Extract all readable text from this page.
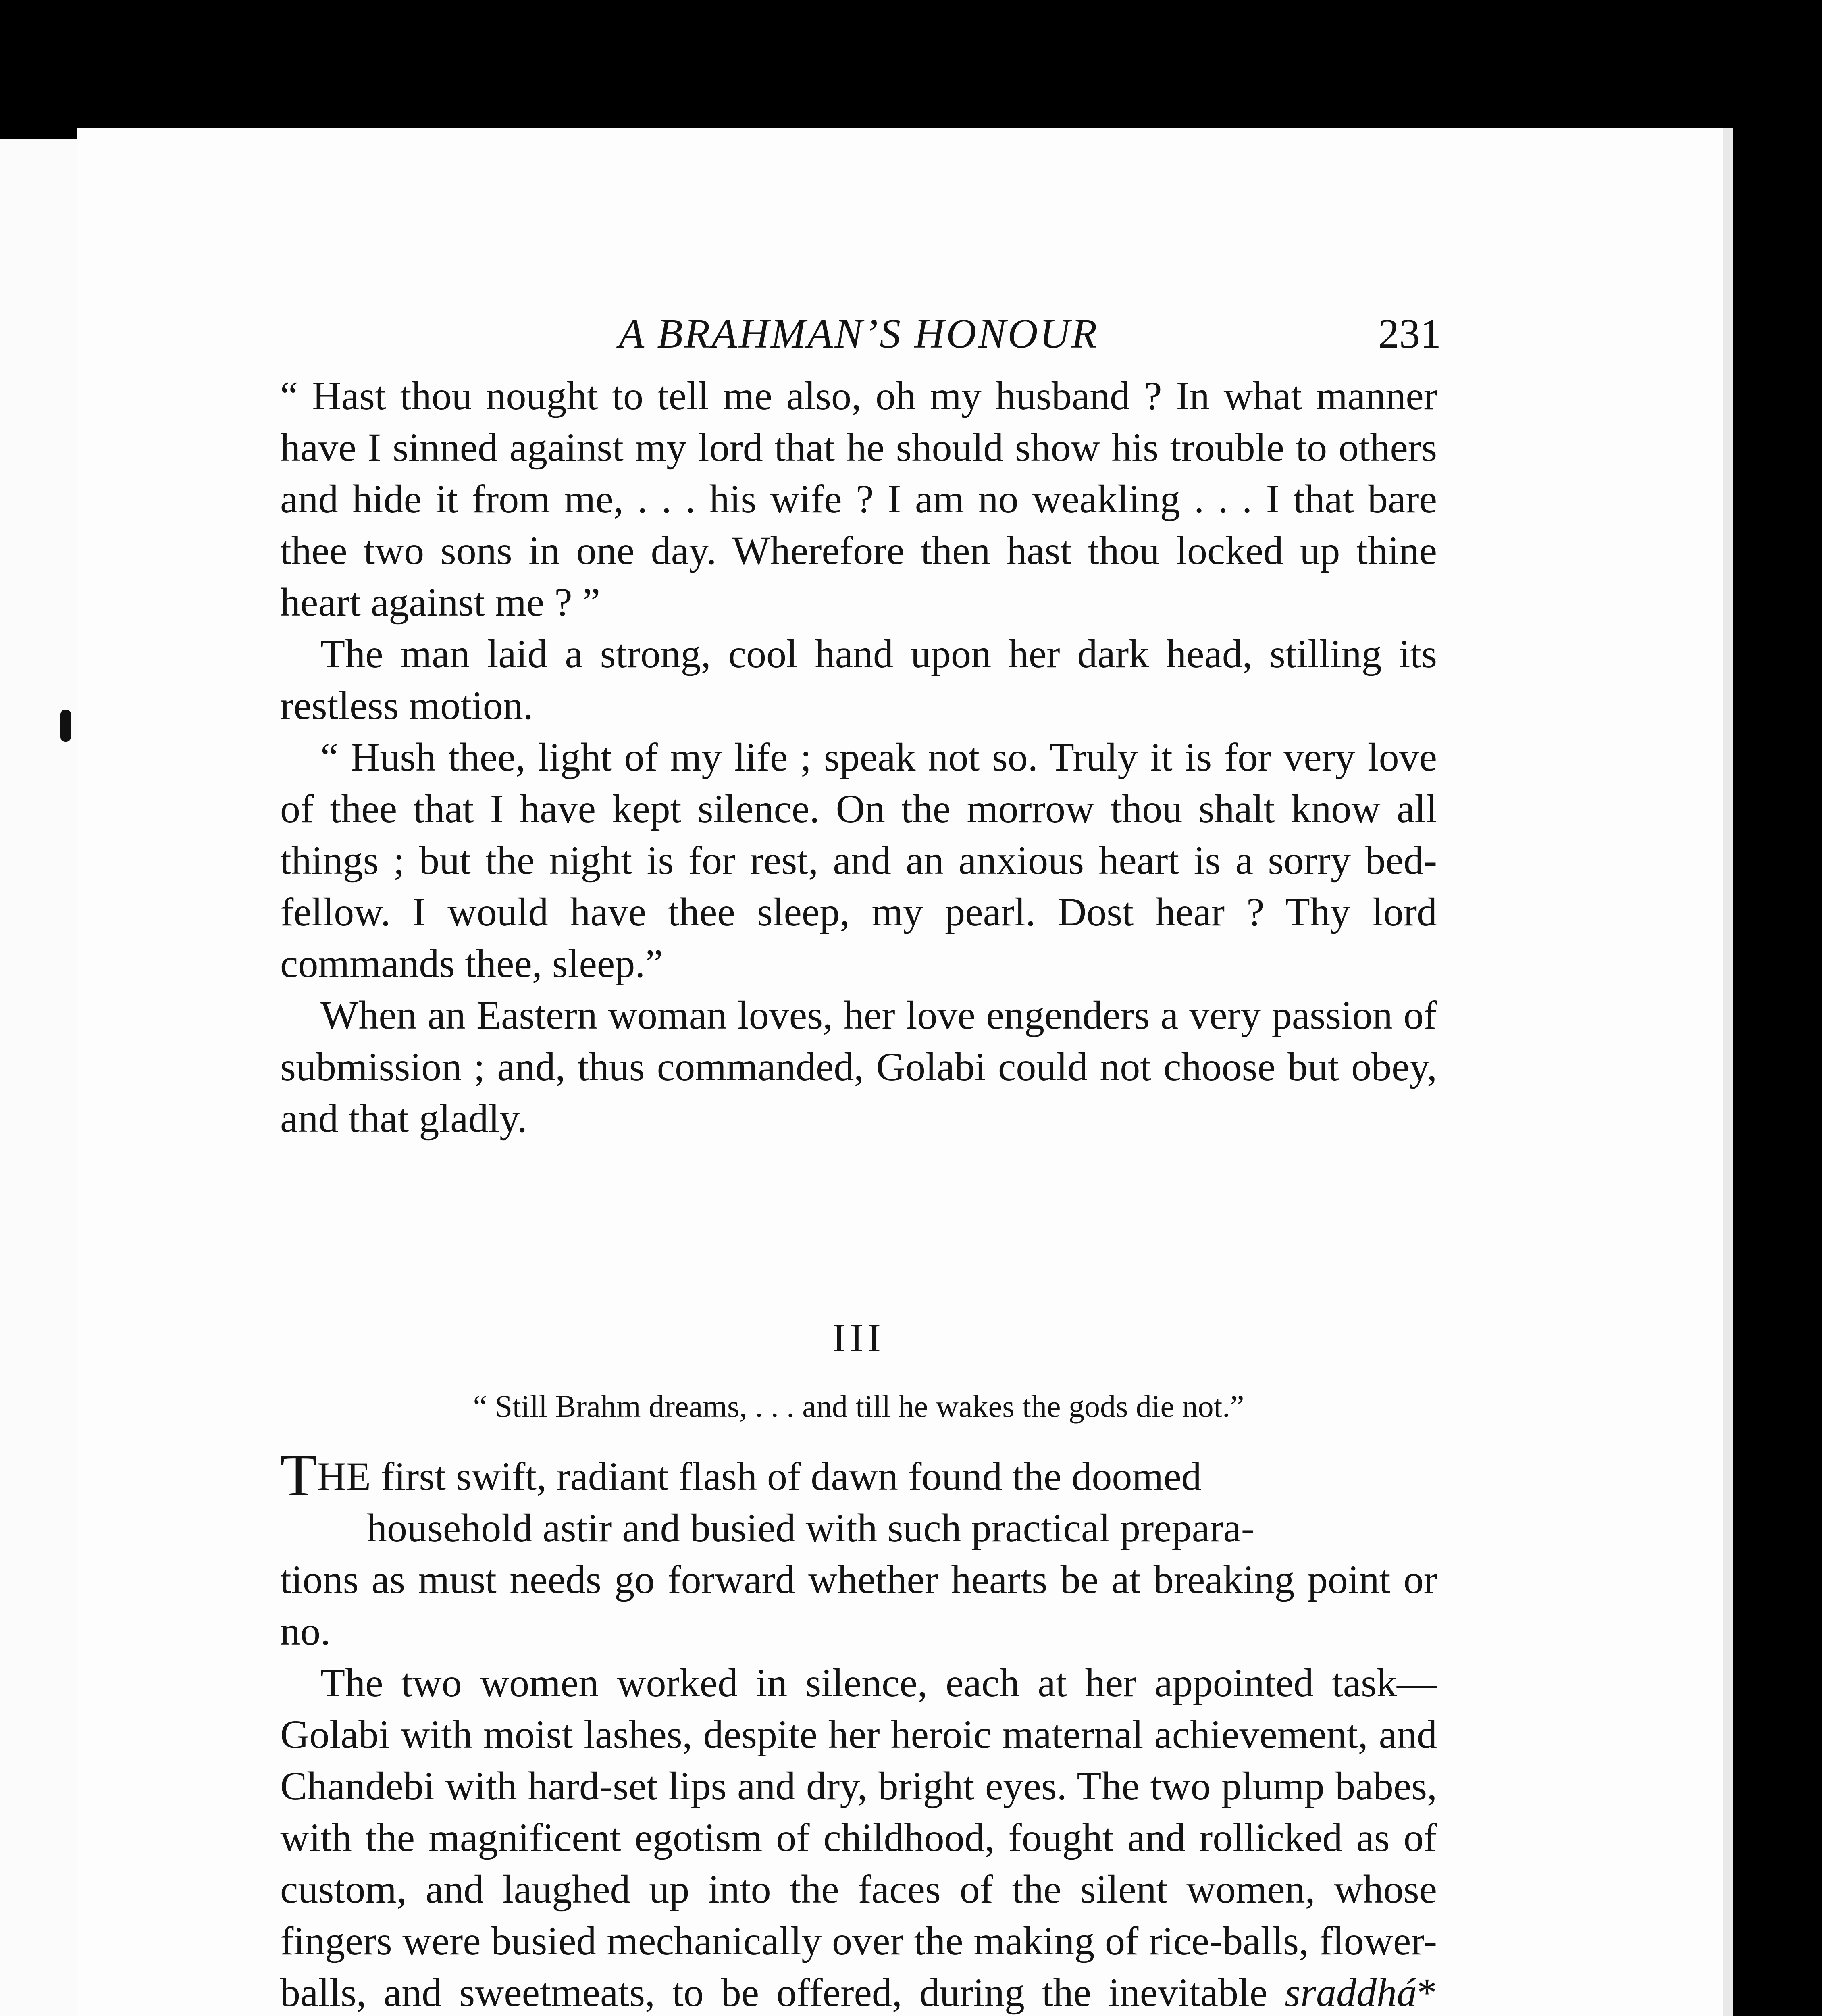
A BRAHMAN’S HONOUR	231

“ Hast thou nought to tell me also, oh my husband ? In what manner have I sinned against my lord that he should show his trouble to others and hide it from me, . . . his wife ? I am no weakling . . . I that bare thee two sons in one day. Wherefore then hast thou locked up thine heart against me ? ”

The man laid a strong, cool hand upon her dark head, stilling its restless motion.

“ Hush thee, light of my life ; speak not so. Truly it is for very love of thee that I have kept silence. On the morrow thou shalt know all things ; but the night is for rest, and an anxious heart is a sorry bed-fellow. I would have thee sleep, my pearl. Dost hear ? Thy lord commands thee, sleep.”

When an Eastern woman loves, her love engenders a very passion of submission ; and, thus commanded, Golabi could not choose but obey, and that gladly.

III
“ Still Brahm dreams, . . . and till he wakes the gods die not.”
THE first swift, radiant flash of dawn found the doomed
household astir and busied with such practical prepara-
tions as must needs go forward whether hearts be at breaking point or no.

The two women worked in silence, each at her appointed task—Golabi with moist lashes, despite her heroic maternal achievement, and Chandebi with hard-set lips and dry, bright eyes. The two plump babes, with the magnificent egotism of childhood, fought and rollicked as of custom, and laughed up into the faces of the silent women, whose fingers were busied mechanically over the making of rice-balls, flower-balls, and sweetmeats, to be offered, during the inevitable sraddhá*
